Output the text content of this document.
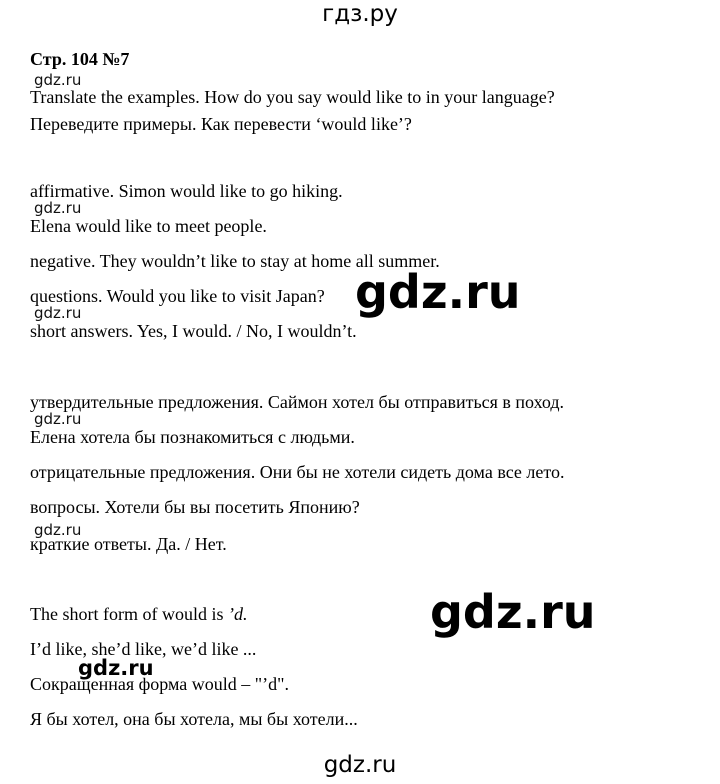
гдз.ру
Стр. 104 №7
Translate the examples. How do you say would like to in your language?
Переведите примеры. Как перевести ‘would like’?
affirmative. Simon would like to go hiking.
Elena would like to meet people.
negative. They wouldn’t like to stay at home all summer.
questions. Would you like to visit Japan?
short answers. Yes, I would. / No, I wouldn’t.
утвердительные предложения. Саймон хотел бы отправиться в поход.
Елена хотела бы познакомиться с людьми.
отрицательные предложения. Они бы не хотели сидеть дома все лето.
вопросы. Хотели бы вы посетить Японию?
краткие ответы. Да. / Нет.
The short form of would is ’d.
I’d like, she’d like, we’d like ...
Сокращенная форма would – "’d".
Я бы хотел, она бы хотела, мы бы хотели...
gdz.ru
gdz.ru
gdz.ru
gdz.ru
gdz.ru
gdz.ru
gdz.ru
gdz.ru
gdz.ru
